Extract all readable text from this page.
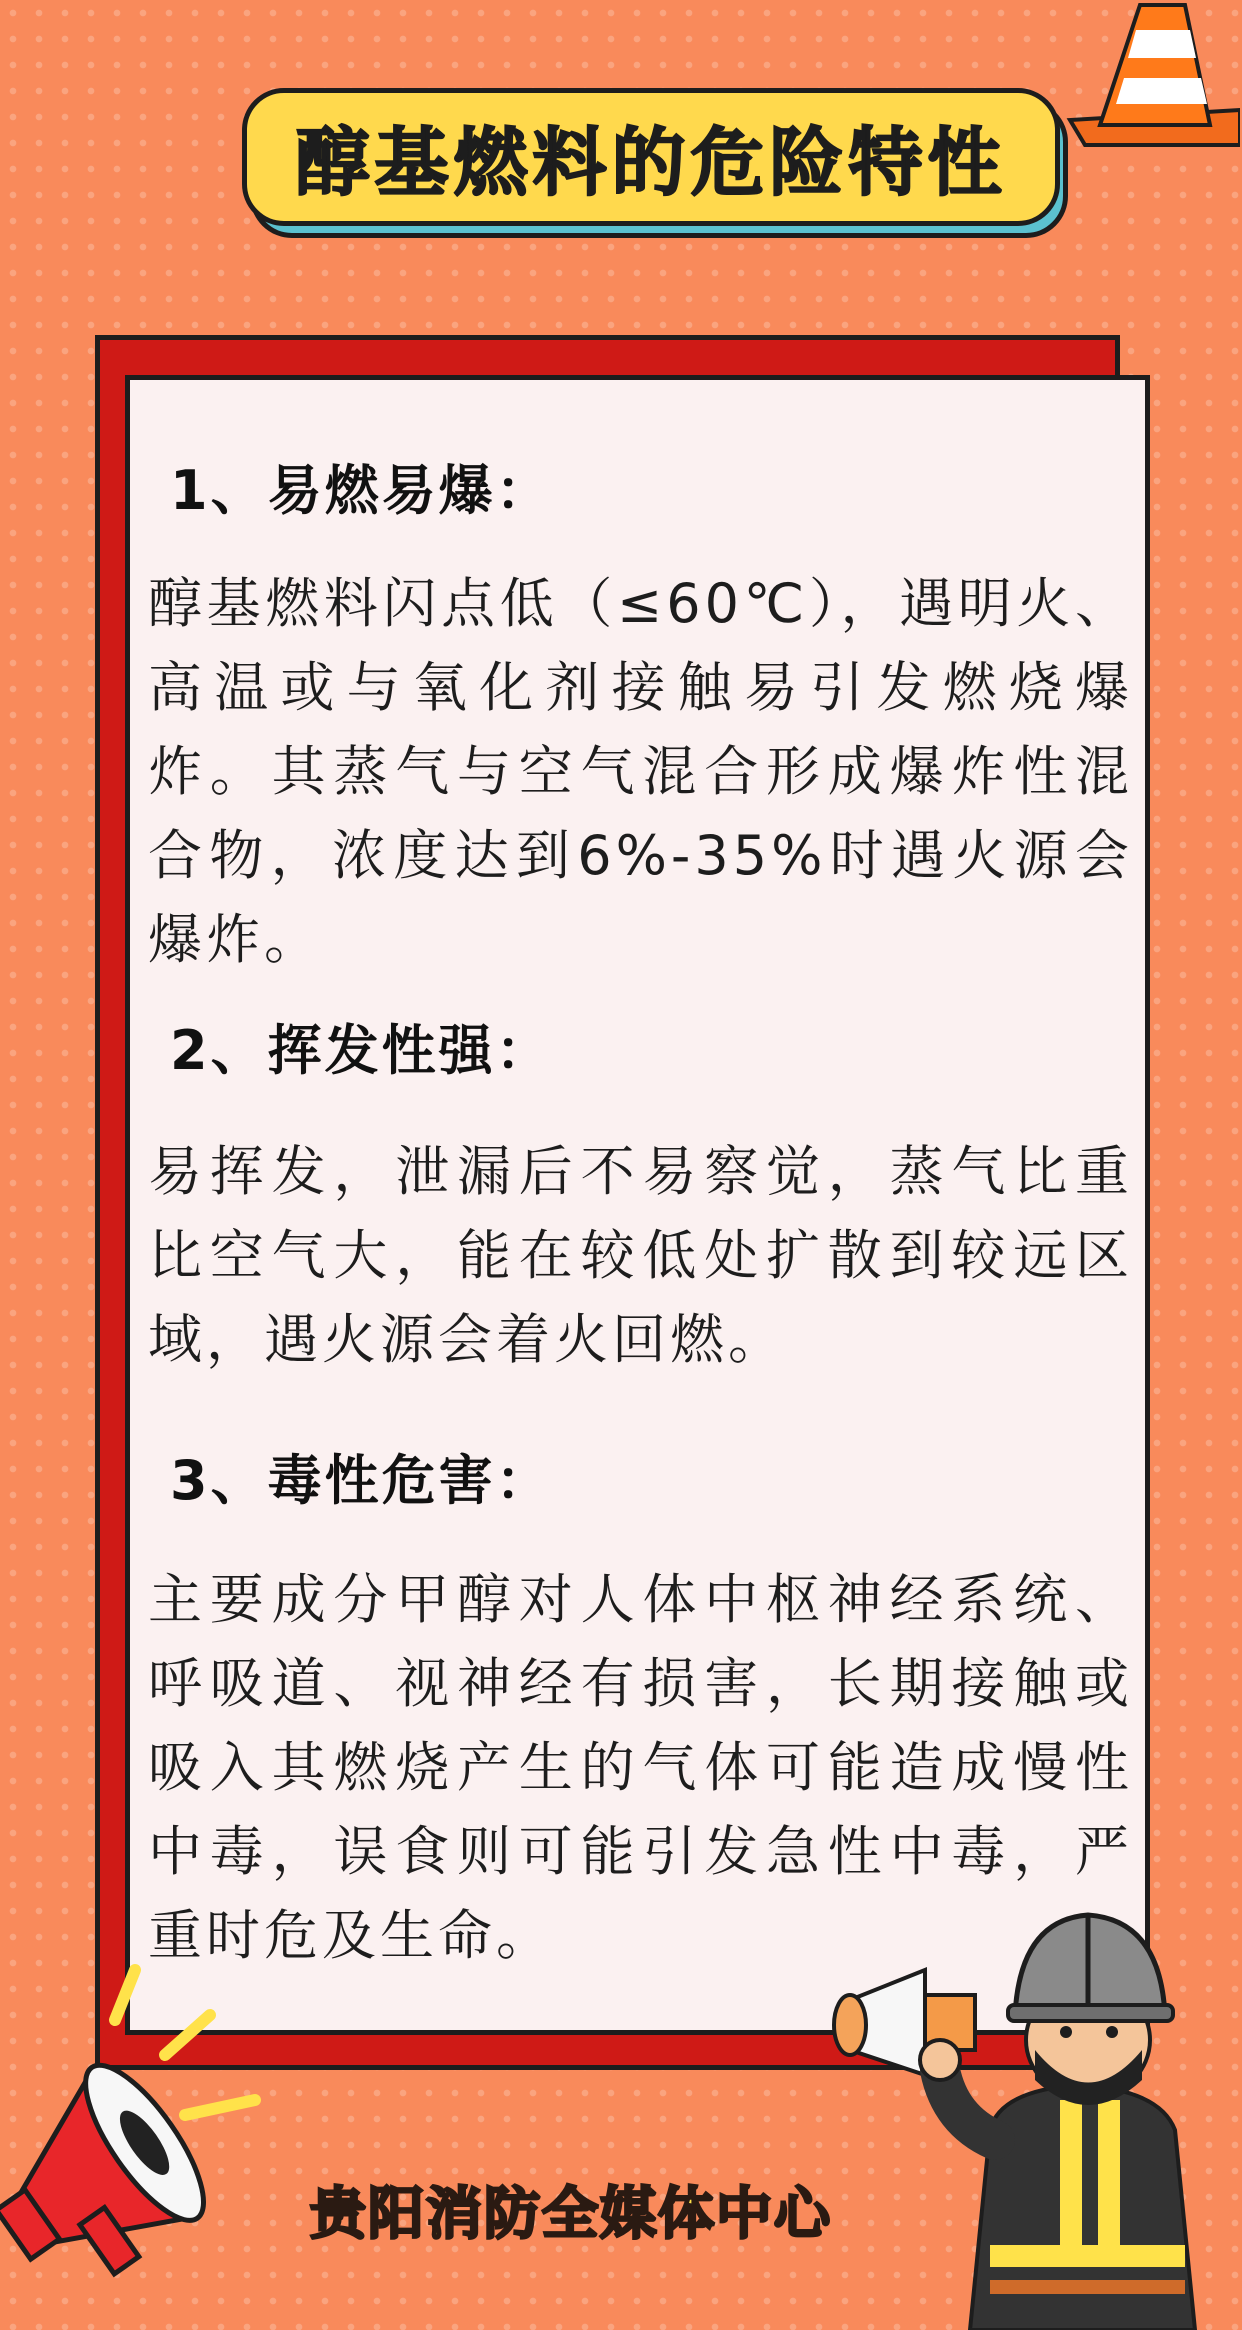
醇基燃料的危险特性
1、易燃易爆：

醇基燃料闪点低（≤60℃），遇明火、高温或与氧化剂接触易引发燃烧爆炸。其蒸气与空气混合形成爆炸性混合物，浓度达到6%-35%时遇火源会爆炸。

2、挥发性强：

易挥发，泄漏后不易察觉，蒸气比重比空气大，能在较低处扩散到较远区域，遇火源会着火回燃。

3、毒性危害：

主要成分甲醇对人体中枢神经系统、呼吸道、视神经有损害，长期接触或吸入其燃烧产生的气体可能造成慢性中毒，误食则可能引发急性中毒，严重时危及生命。

贵阳消防全媒体中心
